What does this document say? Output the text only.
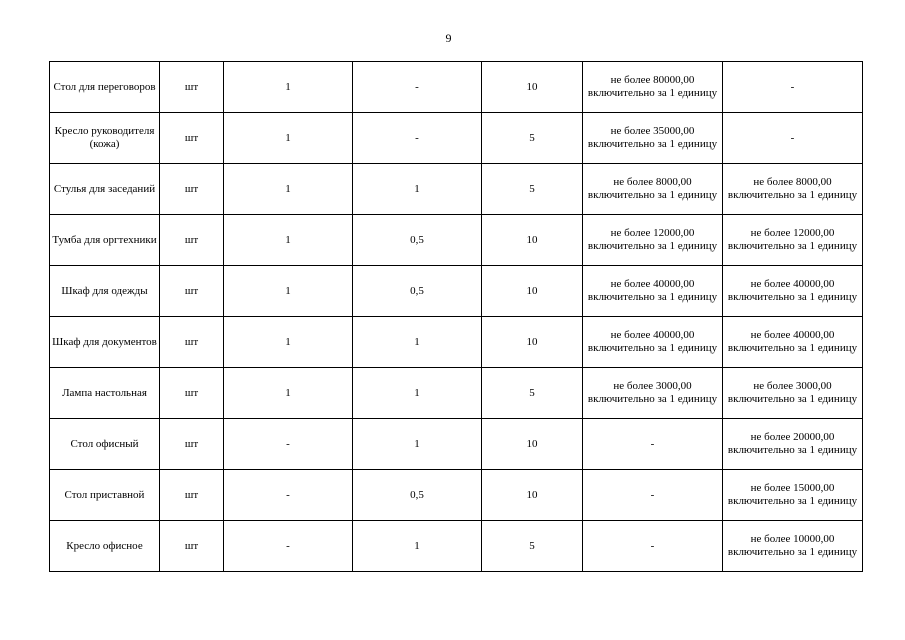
9
Стол для переговоров	шт	1	-	10	не более 80000,00 включительно за 1 единицу	-
Кресло руководителя (кожа)	шт	1	-	5	не более 35000,00 включительно за 1 единицу	-
Стулья для заседаний	шт	1	1	5	не более 8000,00 включительно за 1 единицу	не более 8000,00 включительно за 1 единицу
Тумба для оргтехники	шт	1	0,5	10	не более 12000,00 включительно за 1 единицу	не более 12000,00 включительно за 1 единицу
Шкаф для одежды	шт	1	0,5	10	не более 40000,00 включительно за 1 единицу	не более 40000,00 включительно за 1 единицу
Шкаф для документов	шт	1	1	10	не более 40000,00 включительно за 1 единицу	не более 40000,00 включительно за 1 единицу
Лампа настольная	шт	1	1	5	не более 3000,00 включительно за 1 единицу	не более 3000,00 включительно за 1 единицу
Стол офисный	шт	-	1	10	-	не более 20000,00 включительно за 1 единицу
Стол приставной	шт	-	0,5	10	-	не более 15000,00 включительно за 1 единицу
Кресло офисное	шт	-	1	5	-	не более 10000,00 включительно за 1 единицу
